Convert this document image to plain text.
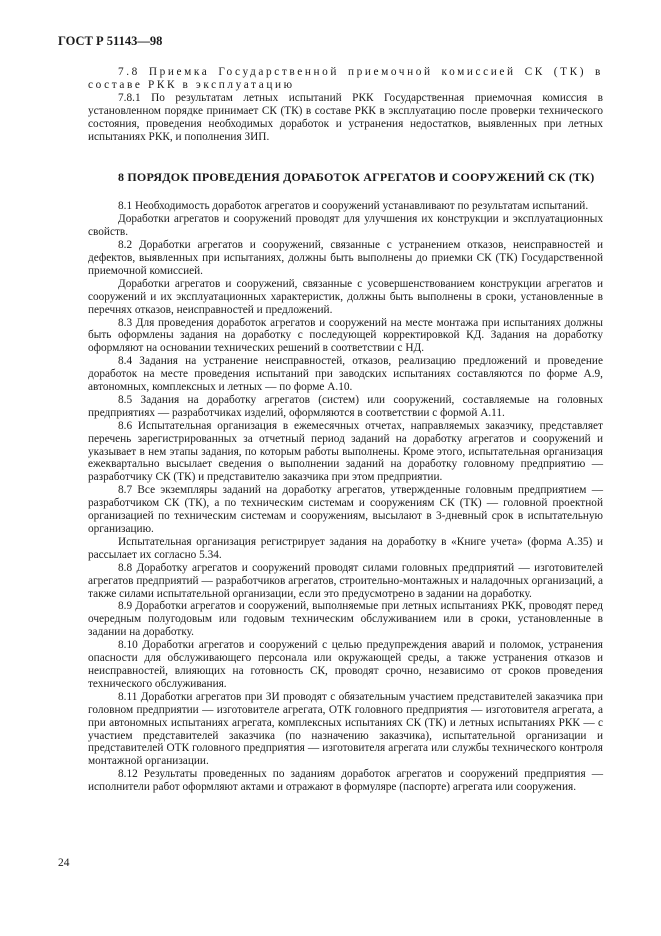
ГОСТ Р 51143—98

7.8 Приемка Государственной приемочной комиссией СК (ТК) в составе РКК в эксплуатацию

7.8.1 По результатам летных испытаний РКК Государственная приемочная комиссия в установленном порядке принимает СК (ТК) в составе РКК в эксплуатацию после проверки технического состояния, проведения необходимых доработок и устранения недостатков, выявленных при летных испытаниях РКК, и пополнения ЗИП.

8 ПОРЯДОК ПРОВЕДЕНИЯ ДОРАБОТОК АГРЕГАТОВ И СООРУЖЕНИЙ СК (ТК)

8.1 Необходимость доработок агрегатов и сооружений устанавливают по результатам испытаний.

Доработки агрегатов и сооружений проводят для улучшения их конструкции и эксплуатационных свойств.

8.2 Доработки агрегатов и сооружений, связанные с устранением отказов, неисправностей и дефектов, выявленных при испытаниях, должны быть выполнены до приемки СК (ТК) Государственной приемочной комиссией.

Доработки агрегатов и сооружений, связанные с усовершенствованием конструкции агрегатов и сооружений и их эксплуатационных характеристик, должны быть выполнены в сроки, установленные в перечнях отказов, неисправностей и предложений.

8.3 Для проведения доработок агрегатов и сооружений на месте монтажа при испытаниях должны быть оформлены задания на доработку с последующей корректировкой КД. Задания на доработку оформляют на основании технических решений в соответствии с НД.

8.4 Задания на устранение неисправностей, отказов, реализацию предложений и проведение доработок на месте проведения испытаний при заводских испытаниях составляются по форме А.9, автономных, комплексных и летных — по форме А.10.

8.5 Задания на доработку агрегатов (систем) или сооружений, составляемые на головных предприятиях — разработчиках изделий, оформляются в соответствии с формой А.11.

8.6 Испытательная организация в ежемесячных отчетах, направляемых заказчику, представляет перечень зарегистрированных за отчетный период заданий на доработку агрегатов и сооружений и указывает в нем этапы задания, по которым работы выполнены. Кроме этого, испытательная организация ежеквартально высылает сведения о выполнении заданий на доработку головному предприятию — разработчику СК (ТК) и представителю заказчика при этом предприятии.

8.7 Все экземпляры заданий на доработку агрегатов, утвержденные головным предприятием — разработчиком СК (ТК), а по техническим системам и сооружениям СК (ТК) — головной проектной организацией по техническим системам и сооружениям, высылают в 3-дневный срок в испытательную организацию.

Испытательная организация регистрирует задания на доработку в «Книге учета» (форма А.35) и рассылает их согласно 5.34.

8.8 Доработку агрегатов и сооружений проводят силами головных предприятий — изготовителей агрегатов предприятий — разработчиков агрегатов, строительно-монтажных и наладочных организаций, а также силами испытательной организации, если это предусмотрено в задании на доработку.

8.9 Доработки агрегатов и сооружений, выполняемые при летных испытаниях РКК, проводят перед очередным полугодовым или годовым техническим обслуживанием или в сроки, установленные в задании на доработку.

8.10 Доработки агрегатов и сооружений с целью предупреждения аварий и поломок, устранения опасности для обслуживающего персонала или окружающей среды, а также устранения отказов и неисправностей, влияющих на готовность СК, проводят срочно, независимо от сроков проведения технического обслуживания.

8.11 Доработки агрегатов при ЗИ проводят с обязательным участием представителей заказчика при головном предприятии — изготовителе агрегата, ОТК головного предприятия — изготовителя агрегата, а при автономных испытаниях агрегата, комплексных испытаниях СК (ТК) и летных испытаниях РКК — с участием представителей заказчика (по назначению заказчика), испытательной организации и представителей ОТК головного предприятия — изготовителя агрегата или службы технического контроля монтажной организации.

8.12 Результаты проведенных по заданиям доработок агрегатов и сооружений предприятия — исполнители работ оформляют актами и отражают в формуляре (паспорте) агрегата или сооружения.

24
